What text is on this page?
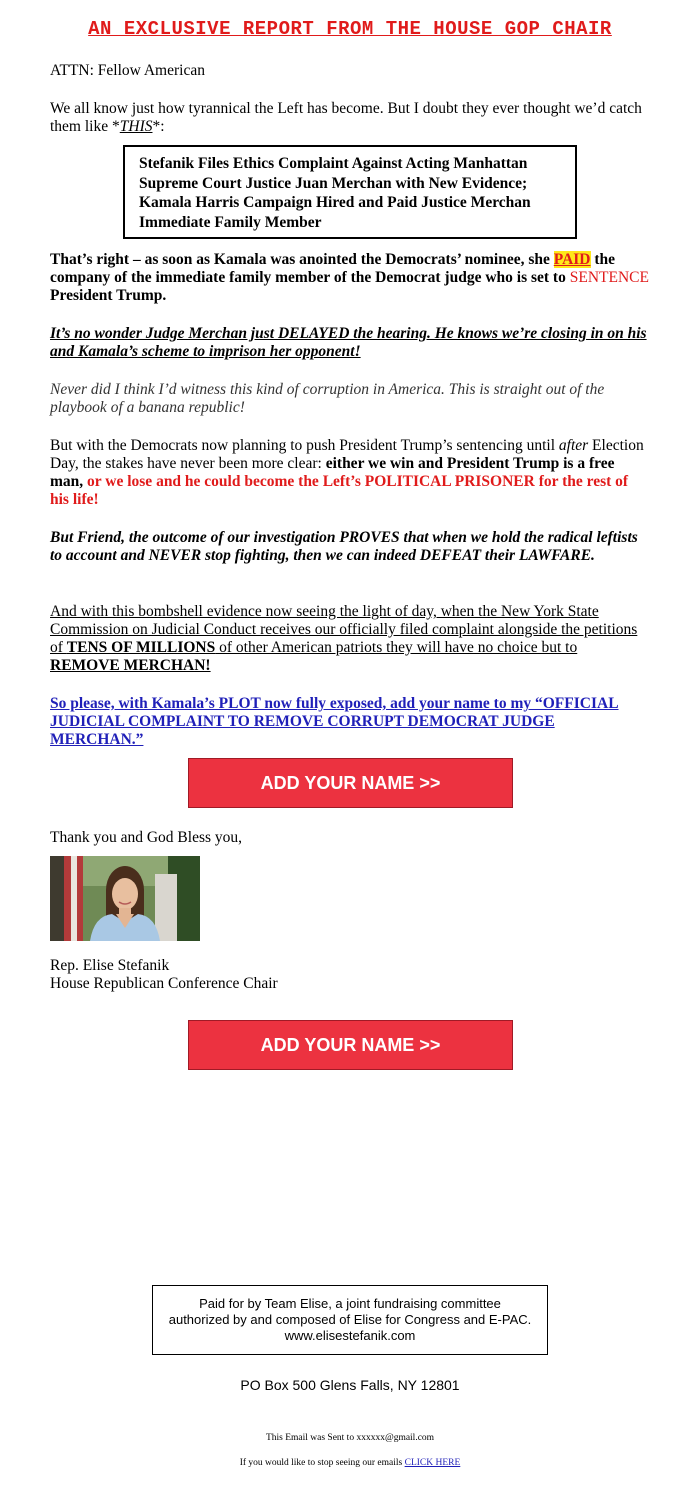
AN EXCLUSIVE REPORT FROM THE HOUSE GOP CHAIR
ATTN: Fellow American
We all know just how tyrannical the Left has become. But I doubt they ever thought we’d catch them like *THIS*:
Stefanik Files Ethics Complaint Against Acting Manhattan Supreme Court Justice Juan Merchan with New Evidence; Kamala Harris Campaign Hired and Paid Justice Merchan Immediate Family Member
That’s right – as soon as Kamala was anointed the Democrats’ nominee, she PAID the company of the immediate family member of the Democrat judge who is set to SENTENCE President Trump.
It’s no wonder Judge Merchan just DELAYED the hearing. He knows we’re closing in on his and Kamala’s scheme to imprison her opponent!
Never did I think I’d witness this kind of corruption in America. This is straight out of the playbook of a banana republic!
But with the Democrats now planning to push President Trump’s sentencing until after Election Day, the stakes have never been more clear: either we win and President Trump is a free man, or we lose and he could become the Left’s POLITICAL PRISONER for the rest of his life!
But Friend, the outcome of our investigation PROVES that when we hold the radical leftists to account and NEVER stop fighting, then we can indeed DEFEAT their LAWFARE.
And with this bombshell evidence now seeing the light of day, when the New York State Commission on Judicial Conduct receives our officially filed complaint alongside the petitions of TENS OF MILLIONS of other American patriots they will have no choice but to REMOVE MERCHAN!
So please, with Kamala’s PLOT now fully exposed, add your name to my “OFFICIAL JUDICIAL COMPLAINT TO REMOVE CORRUPT DEMOCRAT JUDGE MERCHAN.”
ADD YOUR NAME >>
Thank you and God Bless you,
Rep. Elise Stefanik
House Republican Conference Chair
ADD YOUR NAME >>
Paid for by Team Elise, a joint fundraising committee authorized by and composed of Elise for Congress and E-PAC. www.elisestefanik.com
PO Box 500 Glens Falls, NY 12801
This Email was Sent to xxxxxx@gmail.com
If you would like to stop seeing our emails CLICK HERE
